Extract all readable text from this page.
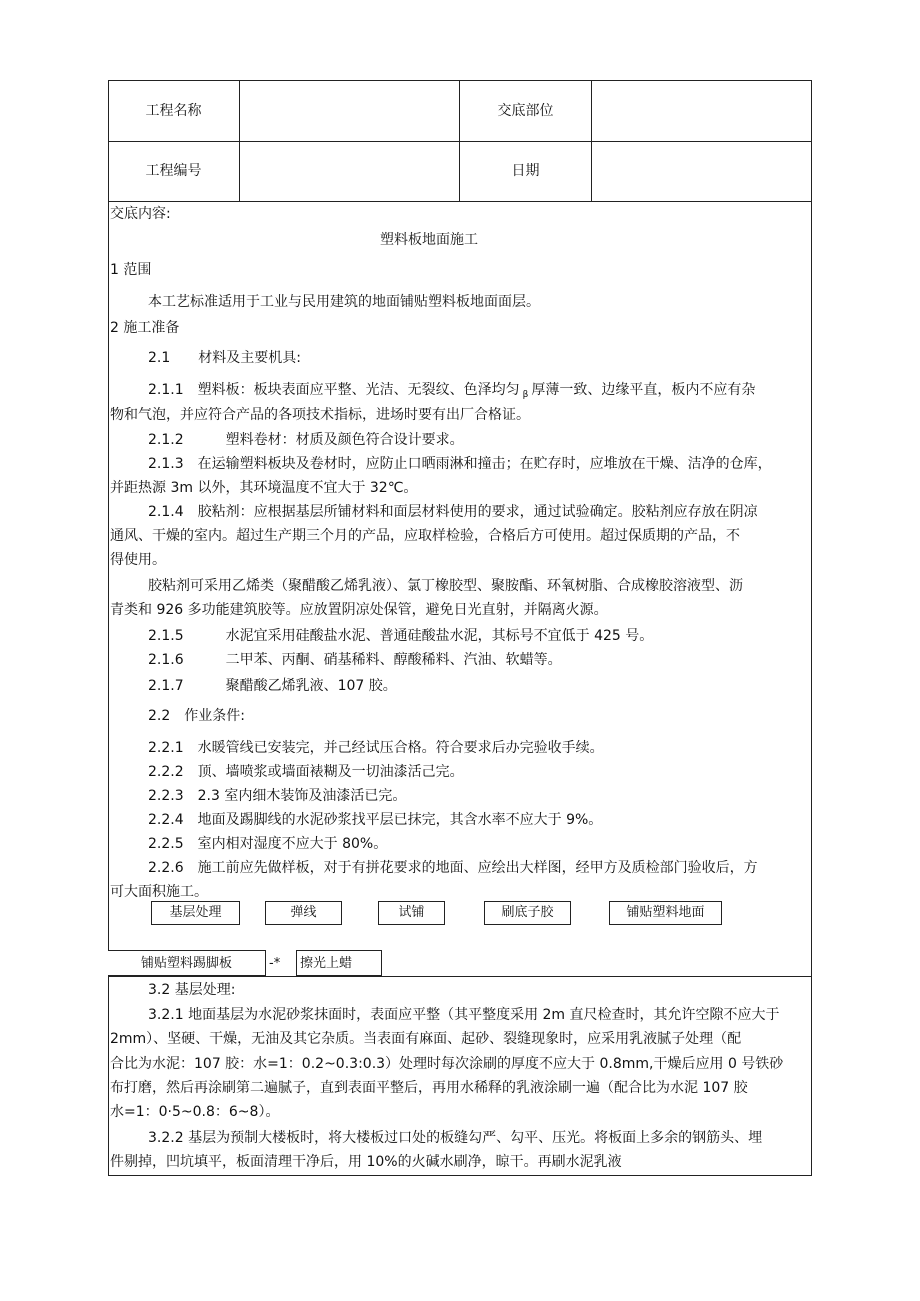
工程名称	交底部位
工程编号	日期
交底内容:
塑料板地面施工
1 范围
本工艺标准适用于工业与民用建筑的地面铺贴塑料板地面面层。
2 施工准备
2.1　　材料及主要机具:
2.1.1　塑料板：板块表面应平整、光洁、无裂纹、色泽均匀 $_\beta$ 厚薄一致、边缘平直，板内不应有杂
物和气泡，并应符合产品的各项技术指标，进场时要有出厂合格证。
2.1.2　　　塑料卷材：材质及颜色符合设计要求。
2.1.3　在运输塑料板块及卷材时，应防止口晒雨淋和撞击；在贮存时，应堆放在干燥、洁净的仓库，
并距热源 3m 以外，其环境温度不宜大于 32℃。
2.1.4　胶粘剂：应根据基层所铺材料和面层材料使用的要求，通过试验确定。胶粘剂应存放在阴凉
通风、干燥的室内。超过生产期三个月的产品，应取样检验，合格后方可使用。超过保质期的产品，不
得使用。
胶粘剂可采用乙烯类（聚醋酸乙烯乳液）、氯丁橡胶型、聚胺酯、环氧树脂、合成橡胶溶液型、沥
青类和 926 多功能建筑胶等。应放置阴凉处保管，避免日光直射，并隔离火源。
2.1.5　　　水泥宜采用硅酸盐水泥、普通硅酸盐水泥，其标号不宜低于 425 号。
2.1.6　　　二甲苯、丙酮、硝基稀料、醇酸稀料、汽油、软蜡等。
2.1.7　　　聚醋酸乙烯乳液、107 胶。
2.2　作业条件:
2.2.1　水暖管线已安装完，并己经试压合格。符合要求后办完验收手续。
2.2.2　顶、墙喷浆或墙面裱糊及一切油漆活己完。
2.2.3　2.3 室内细木装饰及油漆活已完。
2.2.4　地面及踢脚线的水泥砂浆找平层已抹完，其含水率不应大于 9%。
2.2.5　室内相对湿度不应大于 80%。
2.2.6　施工前应先做样板，对于有拼花要求的地面、应绘出大样图，经甲方及质检部门验收后，方
可大面积施工。
基层处理	弹线	试铺	刷底子胶	铺贴塑料地面
铺贴塑料踢脚板	-*	擦光上蜡
3.2 基层处理:
3.2.1 地面基层为水泥砂浆抹面时，表面应平整（其平整度采用 2m 直尺检查时，其允许空隙不应大于
2mm）、坚硬、干燥，无油及其它杂质。当表面有麻面、起砂、裂缝现象时，应采用乳液腻子处理（配
合比为水泥：107 胶：水=1：0.2~0.3:0.3）处理时每次涂刷的厚度不应大于 0.8mm,干燥后应用 0 号铁砂
布打磨，然后再涂刷第二遍腻子，直到表面平整后，再用水稀释的乳液涂刷一遍（配合比为水泥 107 胶
水=1：0·5~0.8：6~8）。
3.2.2 基层为预制大楼板时，将大楼板过口处的板缝勾严、勾平、压光。将板面上多余的钢筋头、埋
件剔掉，凹坑填平，板面清理干净后，用 10%的火碱水刷净，晾干。再刷水泥乳液
